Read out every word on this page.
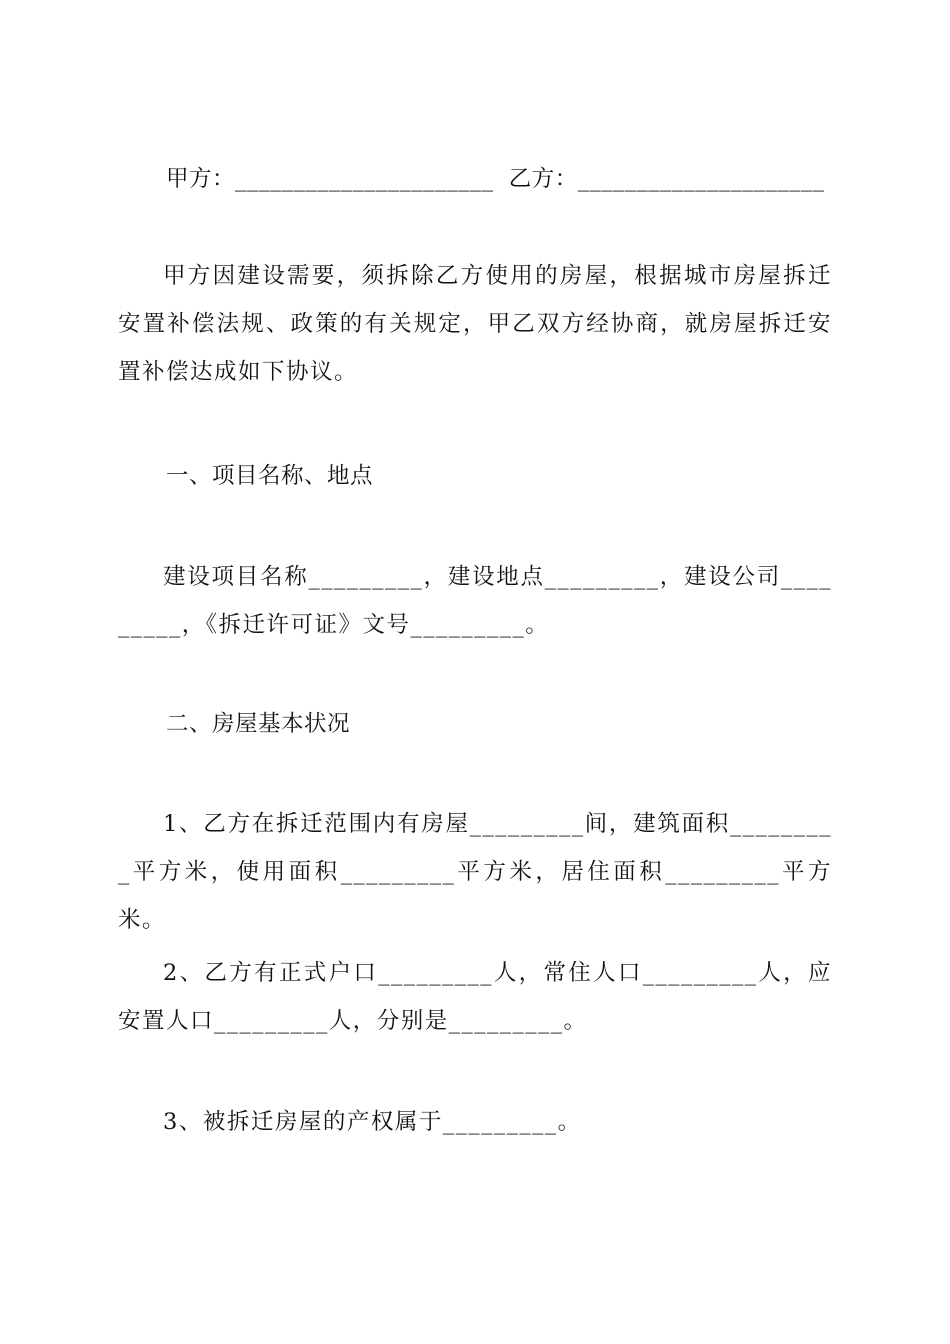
甲方：______________________  乙方：_____________________
甲方因建设需要，须拆除乙方使用的房屋，根据城市房屋拆迁安置补偿法规、政策的有关规定，甲乙双方经协商，就房屋拆迁安置补偿达成如下协议。
一、项目名称、地点
建设项目名称_________，建设地点_________，建设公司_________，《拆迁许可证》文号_________。
二、房屋基本状况
1、乙方在拆迁范围内有房屋_________间，建筑面积_________平方米，使用面积_________平方米，居住面积_________平方米。
2、乙方有正式户口_________人，常住人口_________人，应安置人口_________人，分别是_________。
3、被拆迁房屋的产权属于_________。
